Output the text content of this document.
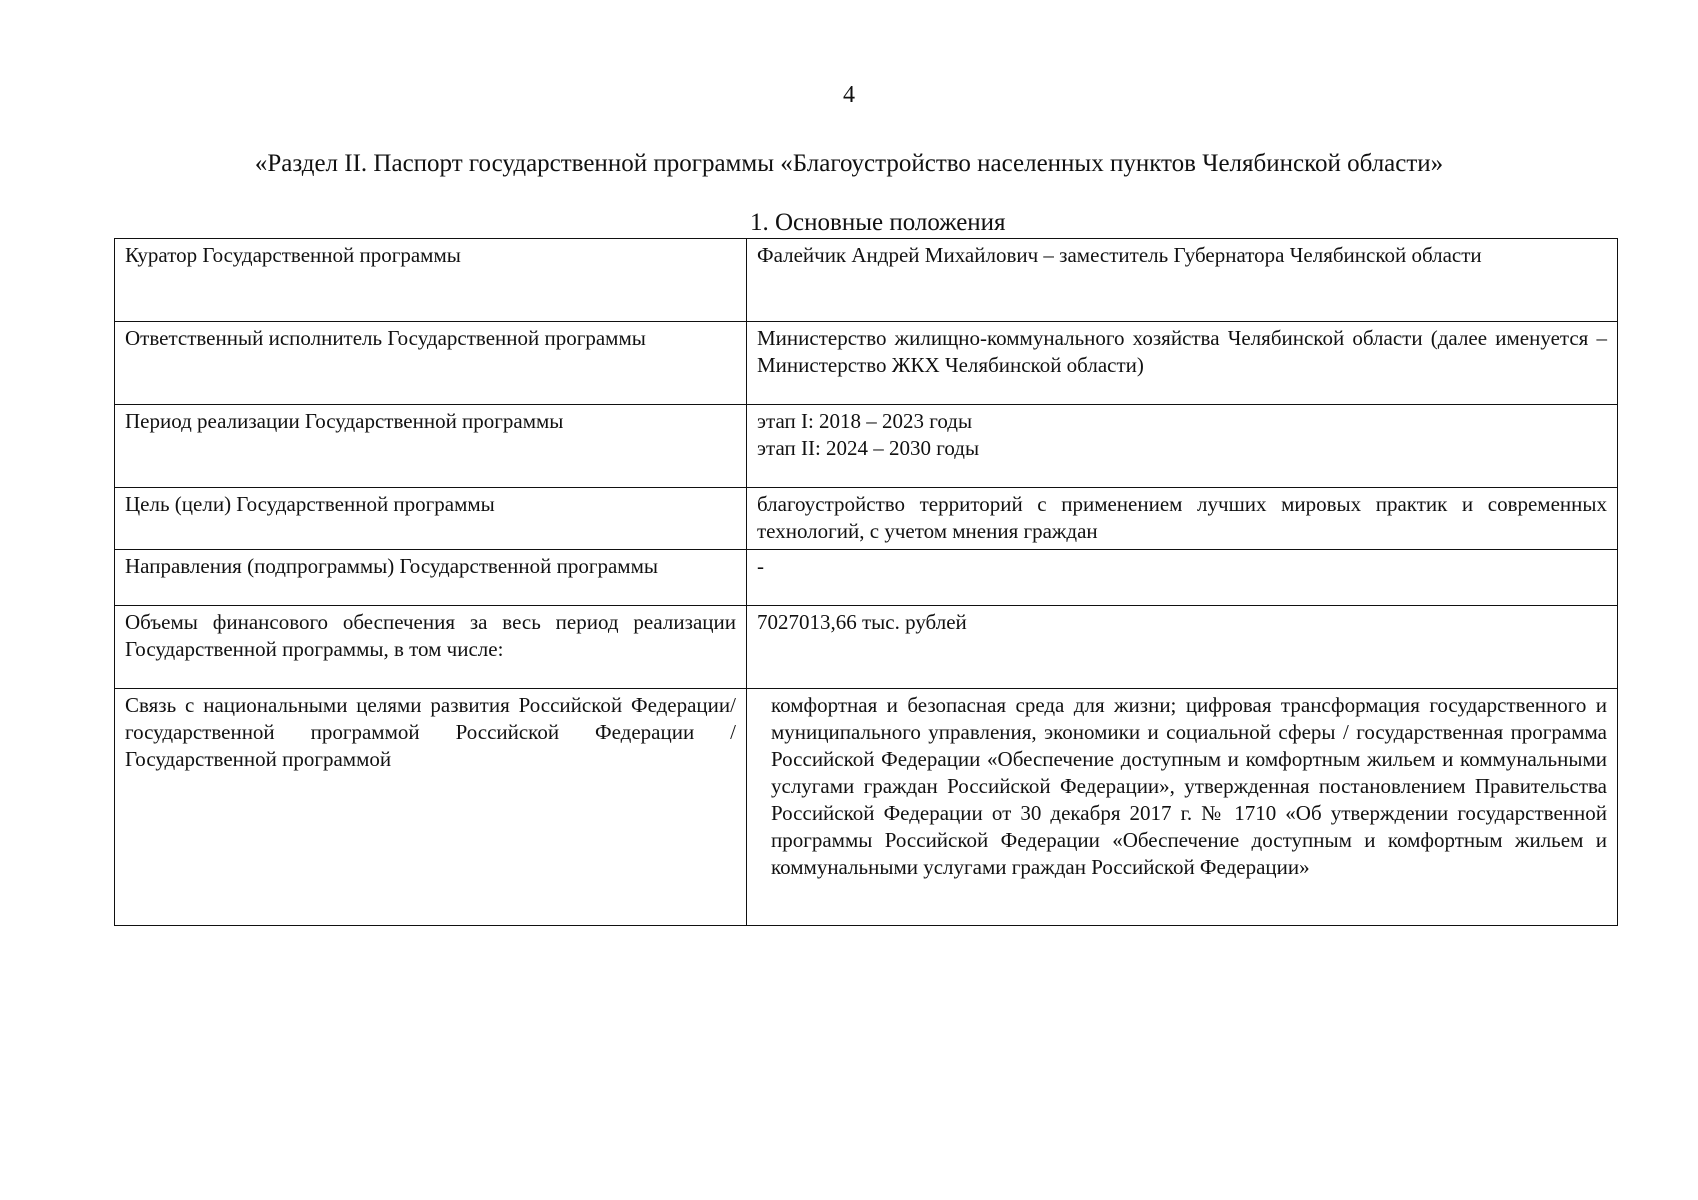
4
«Раздел II. Паспорт государственной программы «Благоустройство населенных пунктов Челябинской области»
1. Основные положения
Куратор Государственной программы	Фалейчик Андрей Михайлович – заместитель Губернатора Челябинской области
Ответственный исполнитель Государственной программы	Министерство жилищно-коммунального хозяйства Челябинской области (далее именуется – Министерство ЖКХ Челябинской области)
Период реализации Государственной программы	этап I: 2018 – 2023 годы
этап II: 2024 – 2030 годы

Цель (цели) Государственной программы	благоустройство территорий с применением лучших мировых практик и современных технологий, с учетом мнения граждан
Направления (подпрограммы) Государственной программы	-
Объемы финансового обеспечения за весь период реализации Государственной программы, в том числе:	7027013,66 тыс. рублей
Связь с национальными целями развития Российской Федерации/ государственной программой Российской Федерации / Государственной программой	комфортная и безопасная среда для жизни; цифровая трансформация государственного и муниципального управления, экономики и социальной сферы / государственная программа Российской Федерации «Обеспечение доступным и комфортным жильем и коммунальными услугами граждан Российской Федерации», утвержденная постановлением Правительства Российской Федерации от 30 декабря 2017 г. № 1710 «Об утверждении государственной программы Российской Федерации «Обеспечение доступным и комфортным жильем и коммунальными услугами граждан Российской Федерации»
